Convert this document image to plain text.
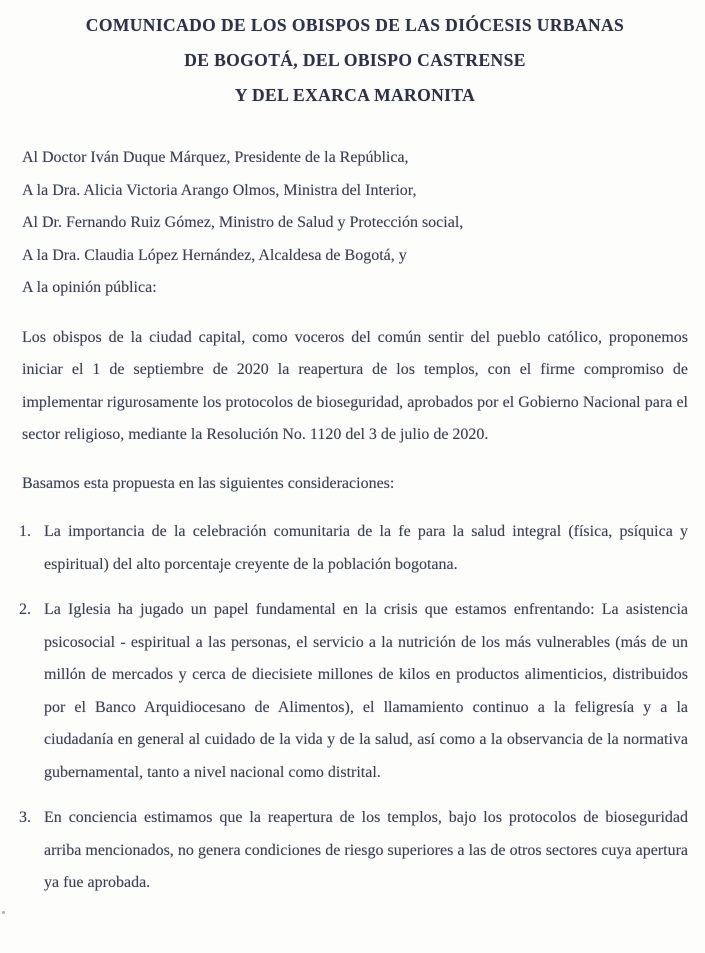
COMUNICADO DE LOS OBISPOS DE LAS DIÓCESIS URBANAS
DE BOGOTÁ, DEL OBISPO CASTRENSE
Y DEL EXARCA MARONITA

Al Doctor Iván Duque Márquez, Presidente de la República,

A la Dra. Alicia Victoria Arango Olmos, Ministra del Interior,

Al Dr. Fernando Ruiz Gómez, Ministro de Salud y Protección social,

A la Dra. Claudia López Hernández, Alcaldesa de Bogotá, y

A la opinión pública:

Los obispos de la ciudad capital, como voceros del común sentir del pueblo católico, proponemos iniciar el 1 de septiembre de 2020 la reapertura de los templos, con el firme compromiso de implementar rigurosamente los protocolos de bioseguridad, aprobados por el Gobierno Nacional para el sector religioso, mediante la Resolución No. 1120 del 3 de julio de 2020.

Basamos esta propuesta en las siguientes consideraciones:

1. La importancia de la celebración comunitaria de la fe para la salud integral (física, psíquica y espiritual) del alto porcentaje creyente de la población bogotana.
2. La Iglesia ha jugado un papel fundamental en la crisis que estamos enfrentando: La asistencia psicosocial - espiritual a las personas, el servicio a la nutrición de los más vulnerables (más de un millón de mercados y cerca de diecisiete millones de kilos en productos alimenticios, distribuidos por el Banco Arquidiocesano de Alimentos), el llamamiento continuo a la feligresía y a la ciudadanía en general al cuidado de la vida y de la salud, así como a la observancia de la normativa gubernamental, tanto a nivel nacional como distrital.
3. En conciencia estimamos que la reapertura de los templos, bajo los protocolos de bioseguridad arriba mencionados, no genera condiciones de riesgo superiores a las de otros sectores cuya apertura ya fue aprobada.
